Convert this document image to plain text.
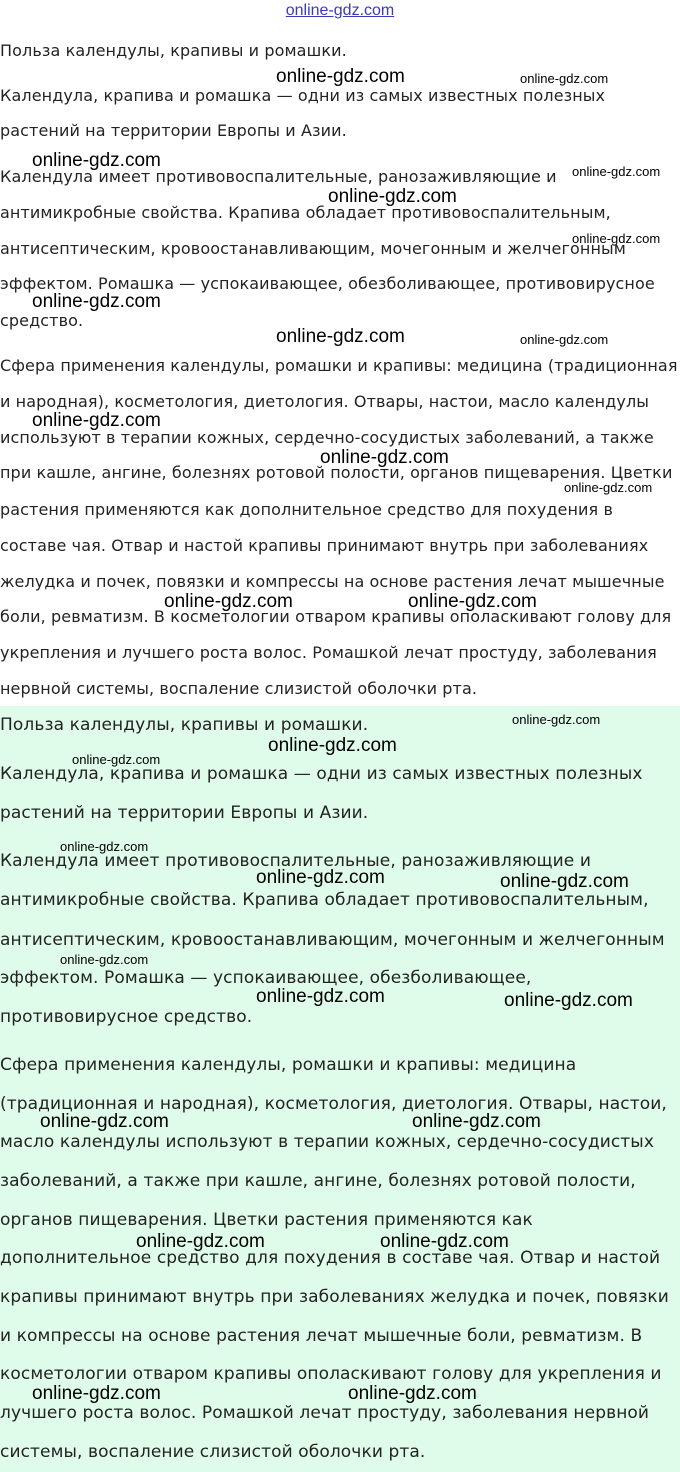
online-gdz.com
Польза календулы, крапивы и ромашки.
Календула, крапива и ромашка — одни из самых известных полезных
растений на территории Европы и Азии.
Календула имеет противовоспалительные, ранозаживляющие и
антимикробные свойства. Крапива обладает противовоспалительным,
антисептическим, кровоостанавливающим, мочегонным и желчегонным
эффектом. Ромашка — успокаивающее, обезболивающее, противовирусное
средство.
Сфера применения календулы, ромашки и крапивы: медицина (традиционная
и народная), косметология, диетология. Отвары, настои, масло календулы
используют в терапии кожных, сердечно-сосудистых заболеваний, а также
при кашле, ангине, болезнях ротовой полости, органов пищеварения. Цветки
растения применяются как дополнительное средство для похудения в
составе чая. Отвар и настой крапивы принимают внутрь при заболеваниях
желудка и почек, повязки и компрессы на основе растения лечат мышечные
боли, ревматизм. В косметологии отваром крапивы ополаскивают голову для
укрепления и лучшего роста волос. Ромашкой лечат простуду, заболевания
нервной системы, воспаление слизистой оболочки рта.
Польза календулы, крапивы и ромашки.
Календула, крапива и ромашка — одни из самых известных полезных
растений на территории Европы и Азии.
Календула имеет противовоспалительные, ранозаживляющие и
антимикробные свойства. Крапива обладает противовоспалительным,
антисептическим, кровоостанавливающим, мочегонным и желчегонным
эффектом. Ромашка — успокаивающее, обезболивающее,
противовирусное средство.
Сфера применения календулы, ромашки и крапивы: медицина
(традиционная и народная), косметология, диетология. Отвары, настои,
масло календулы используют в терапии кожных, сердечно-сосудистых
заболеваний, а также при кашле, ангине, болезнях ротовой полости,
органов пищеварения. Цветки растения применяются как
дополнительное средство для похудения в составе чая. Отвар и настой
крапивы принимают внутрь при заболеваниях желудка и почек, повязки
и компрессы на основе растения лечат мышечные боли, ревматизм. В
косметологии отваром крапивы ополаскивают голову для укрепления и
лучшего роста волос. Ромашкой лечат простуду, заболевания нервной
системы, воспаление слизистой оболочки рта.
online-gdz.com	online-gdz.com
online-gdz.com
online-gdz.com
online-gdz.com
online-gdz.com
online-gdz.com
online-gdz.com	online-gdz.com
online-gdz.com
online-gdz.com
online-gdz.com
online-gdz.com	online-gdz.com
online-gdz.com
online-gdz.com
online-gdz.com
online-gdz.com
online-gdz.com	online-gdz.com
online-gdz.com
online-gdz.com	online-gdz.com
online-gdz.com	online-gdz.com
online-gdz.com	online-gdz.com
online-gdz.com	online-gdz.com
